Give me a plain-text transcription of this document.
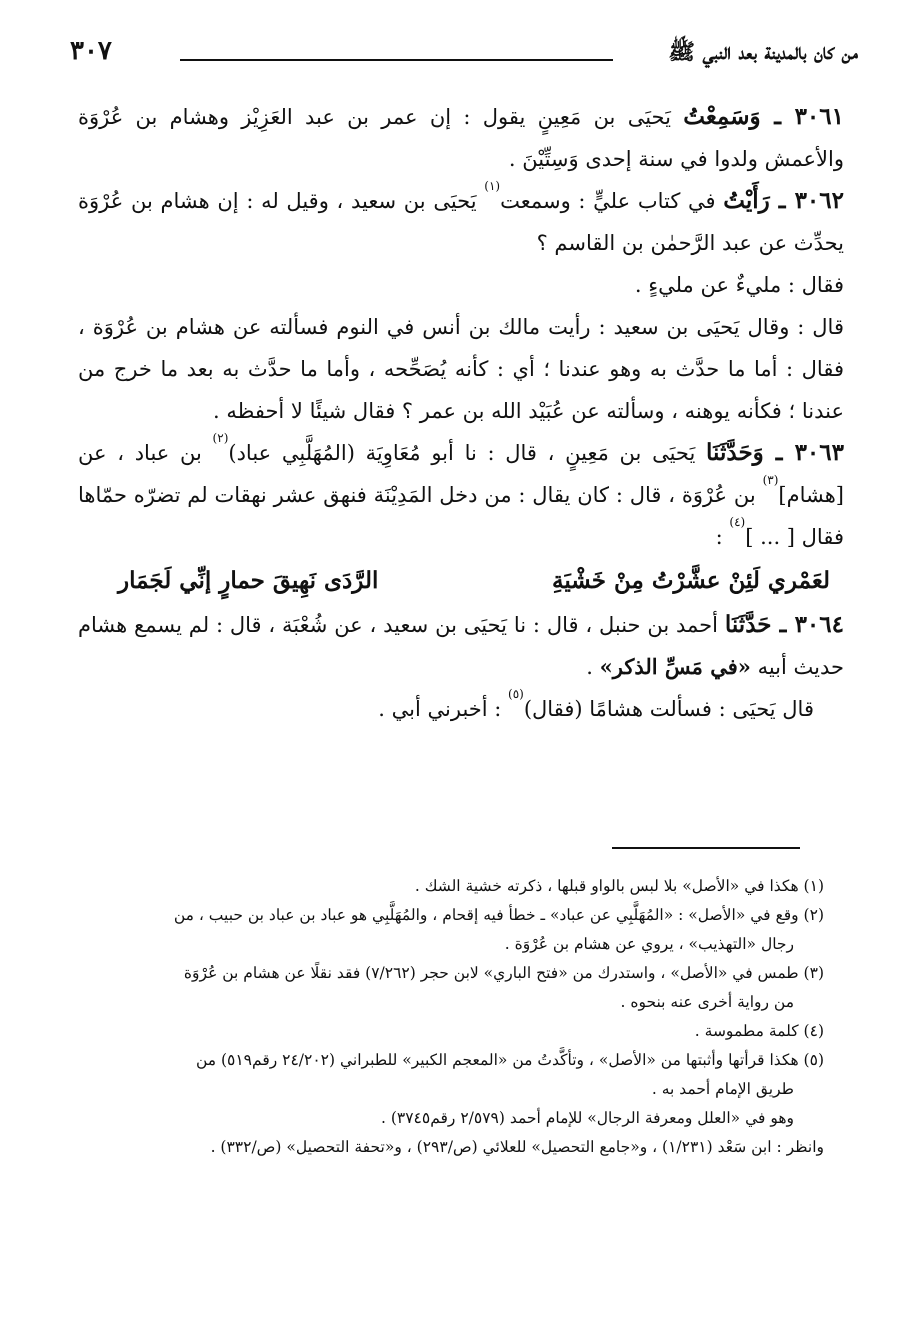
من كان بالمدينة بعد النبي ﷺ
٣٠٧

٣٠٦١ ـ وَسَمِعْتُ يَحيَى بن مَعِينٍ يقول : إن عمر بن عبد العَزِيْز وهشام بن عُرْوَة والأعمش ولدوا في سنة إحدى وَسِتِّيْنَ .

٣٠٦٢ ـ رَأَيْتُ في كتاب عليٍّ : وسمعت$^{(١)}$ يَحيَى بن سعيد ، وقيل له : إن هشام بن عُرْوَة يحدِّث عن عبد الرَّحمٰن بن القاسم ؟

فقال : مليءٌ عن مليءٍ .

قال : وقال يَحيَى بن سعيد : رأيت مالك بن أنس في النوم فسألته عن هشام بن عُرْوَة ، فقال : أما ما حدَّث به وهو عندنا ؛ أي : كأنه يُصَحِّحه ، وأما ما حدَّث به بعد ما خرج من عندنا ؛ فكأنه يوهنه ، وسألته عن عُبَيْد الله بن عمر ؟ فقال شيئًا لا أحفظه .

٣٠٦٣ ـ وَحَدَّثَنَا يَحيَى بن مَعِينٍ ، قال : نا أبو مُعَاوِيَة (المُهَلَّبِي عباد)$^{(٢)}$ بن عباد ، عن [هشام]$^{(٣)}$ بن عُرْوَة ، قال : كان يقال : من دخل المَدِيْنَة فنهق عشر نهقات لم تضرّه حمّاها فقال [ ... ]$^{(٤)}$ :

لعَمْري لَئِنْ عشَّرْتُ مِنْ خَشْيَةِ
الرَّدَى نَهِيقَ حمارٍ إنِّي لَجَمَار

٣٠٦٤ ـ حَدَّثَنَا أحمد بن حنبل ، قال : نا يَحيَى بن سعيد ، عن شُعْبَة ، قال : لم يسمع هشام حديث أبيه «في مَسِّ الذكر» .

قال يَحيَى : فسألت هشامًا (فقال)$^{(٥)}$ : أخبرني أبي .

(١) هكذا في «الأصل» بلا لبس بالواو قبلها ، ذكرته خشية الشك .

(٢) وقع في «الأصل» : «المُهَلَّبِي عن عباد» ـ خطأ فيه إقحام ، والمُهَلَّبِي هو عباد بن عباد بن حبيب ، من

رجال «التهذيب» ، يروي عن هشام بن عُرْوَة .

(٣) طمس في «الأصل» ، واستدرك من «فتح الباري» لابن حجر (٧/٢٦٢) فقد نقلًا عن هشام بن عُرْوَة

من رواية أخرى عنه بنحوه .

(٤) كلمة مطموسة .

(٥) هكذا قرأتها وأثبتها من «الأصل» ، وتأكَّدتُ من «المعجم الكبير» للطبراني (٢٤/٢٠٢ رقم٥١٩) من

طريق الإمام أحمد به .

وهو في «العلل ومعرفة الرجال» للإمام أحمد (٢/٥٧٩ رقم٣٧٤٥) .

وانظر : ابن سَعْد (١/٢٣١) ، و«جامع التحصيل» للعلائي (ص/٢٩٣) ، و«تحفة التحصيل» (ص/٣٣٢) .
